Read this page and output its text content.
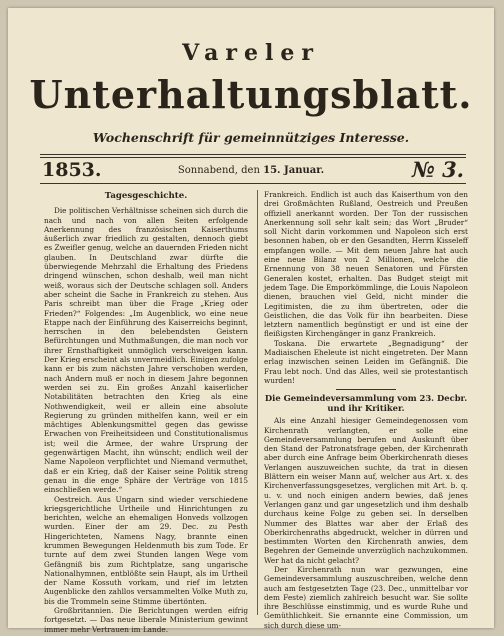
Vareler
Unterhaltungsblatt.
Wochenschrift für gemeinnütziges Interesse.
1853.	Sonnabend, den 15. Januar.	№ 3.
Tagesgeschichte.

Die politischen Verhältnisse scheinen sich durch die nach und nach von allen Seiten erfolgende Anerkennung des französischen Kaiserthums äußerlich zwar friedlich zu gestalten, dennoch giebt es Zweifler genug, welche an dauernden Frieden nicht glauben. In Deutschland zwar dürfte die überwiegende Mehrzahl die Erhaltung des Friedens dringend wünschen, schon deshalb, weil man nicht weiß, woraus sich der Deutsche schlagen soll. Anders aber scheint die Sache in Frankreich zu stehen. Aus Paris schreibt man über die Frage „Krieg oder Frieden?“ Folgendes: „Im Augenblick, wo eine neue Etappe nach der Einführung des Kaiserreichs beginnt, herrschen in den belebendsten Geistern Befürchtungen und Muthmaßungen, die man noch vor ihrer Ernsthaftigkeit unmöglich verschweigen kann. Der Krieg erscheint als unvermeidlich. Einigen zufolge kann er bis zum nächsten Jahre verschoben werden, nach Andern muß er noch in diesem Jahre begonnen werden sei zu. Ein großes Anzahl kaiserlicher Notabilitäten betrachten den Krieg als eine Nothwendigkeit, weil er allein eine absolute Regierung zu gründen mithelfen kann, weil er ein mächtiges Ablenkungsmittel gegen das gewisse Erwachen von Freiheitsideen und Constitutionalismus ist; weil die Armee, der wahre Ursprung der gegenwärtigen Macht, ihn wünscht; endlich weil der Name Napoleon verpflichtet und Niemand vermuthet, daß er ein Krieg, daß der Kaiser seine Politik streng genau in die enge Sphäre der Verträge von 1815 einschließen werde.“

Oestreich. Aus Ungarn sind wieder verschiedene kriegsgerichtliche Urtheile und Hinrichtungen zu berichten, welche an ehemaligen Honveds vollzogen wurden. Einer der am 29. Dec. zu Pesth Hingerichteten, Namens Nagy, brannte einen krummen Bewegungen Heldenmuth bis zum Tode. Er turnte auf dem zwei Stunden langen Wege vom Gefängniß bis zum Richtplatze, sang ungarische Nationalhymnen, entblößte sein Haupt, als im Urtheil der Name Kossuth vorkam, und rief im letzten Augenblicke den zahllos versammelten Volke Muth zu, bis die Trommeln seine Stimme übertönten.

Großbritannien. Die Berichtungen werden eifrig fortgesetzt. — Das neue liberale Ministerium gewinnt immer mehr Vertrauen im Lande.

Frankreich. Endlich ist auch das Kaiserthum von den drei Großmächten Rußland, Oestreich und Preußen offiziell anerkannt worden. Der Ton der russischen Anerkennung soll sehr kalt sein; das Wort „Bruder“ soll Nicht darin vorkommen und Napoleon sich erst besonnen haben, ob er den Gesandten, Herrn Kisseleff empfangen wolle. — Mit dem neuen Jahre hat auch eine neue Bilanz von 2 Millionen, welche die Ernennung von 38 neuen Senatoren und Fürsten Generalen kostet, erhalten. Das Budget steigt mit jedem Tage. Die Emporkömmlinge, die Louis Napoleon dienen, brauchen viel Geld, nicht minder die Legitimisten, die zu ihm übertreten, oder die Geistlichen, die das Volk für ihn bearbeiten. Diese letztern namentlich begünstigt er und ist eine der fleißigsten Kirchengänger in ganz Frankreich.

Toskana. Die erwartete „Begnadigung“ der Madiaischen Eheleute ist nicht eingetreten. Der Mann erlag inzwischen seinen Leiden im Gefängniß. Die Frau lebt noch. Und das Alles, weil sie protestantisch wurden!

Die Gemeindeversammlung vom 23. Decbr. und ihr Kritiker.

Als eine Anzahl hiesiger Gemeindegenossen vom Kirchenrath verlangten, er solle eine Gemeindeversammlung berufen und Auskunft über den Stand der Patronatsfrage geben, der Kirchenrath aber durch eine Anfrage beim Oberkirchenrath dieses Verlangen auszuweichen suchte, da trat in diesen Blättern ein weiser Mann auf, welcher aus Art. x. des Kirchenverfassungsgesetzes, verglichen mit Art. b. q. u. v. und noch einigen andern bewies, daß jenes Verlangen ganz und gar ungesetzlich und ihm deshalb durchaus keine Folge zu geben sei. In derselben Nummer des Blattes war aber der Erlaß des Oberkirchenraths abgedruckt, welcher in dürren und bestimmten Worten den Kirchenrath anwies, dem Begehren der Gemeinde unverzüglich nachzukommen. Wer hat da nicht gelacht?

Der Kirchenrath nun war gezwungen, eine Gemeindeversammlung auszuschreiben, welche denn auch am festgesetzten Tage (23. Dec., unmittelbar vor dem Feste) ziemlich zahlreich besucht war. Sie sollte ihre Beschlüsse einstimmig, und es wurde Ruhe und Gemüthlichkeit. Sie ernannte eine Commission, um sich durch diese um-
